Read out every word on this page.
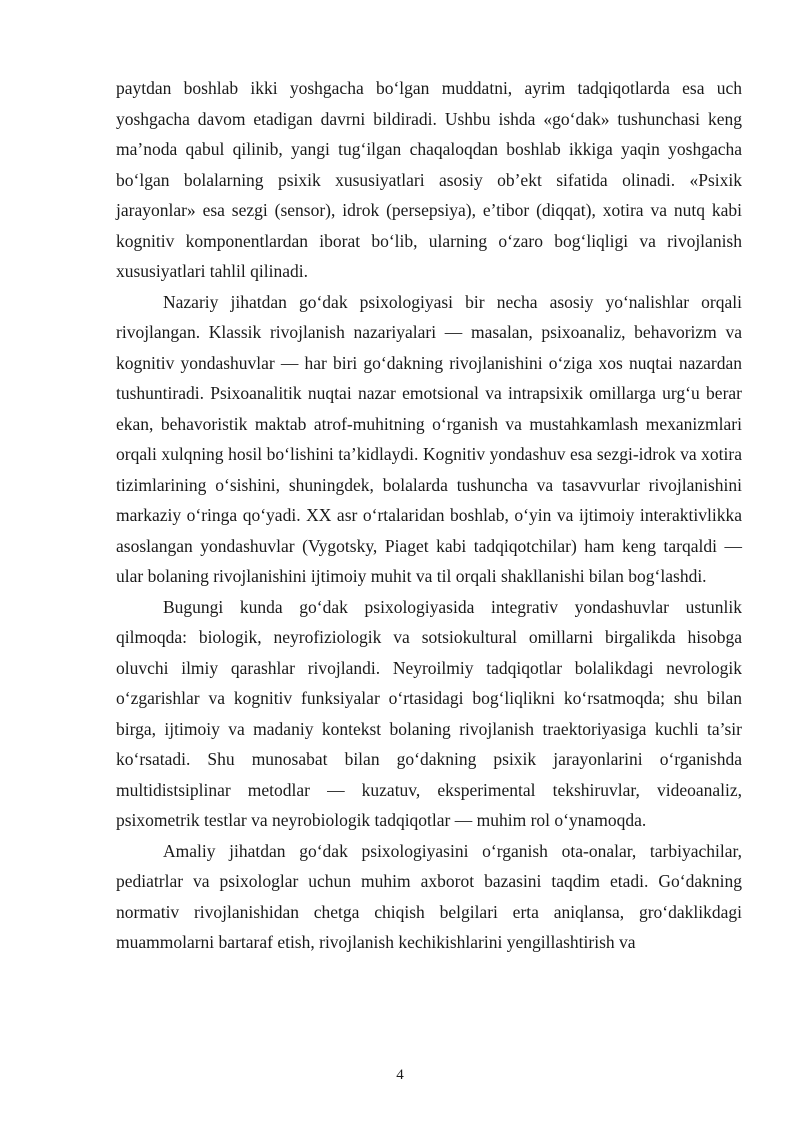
paytdan boshlab ikki yoshgacha bo‘lgan muddatni, ayrim tadqiqotlarda esa uch yoshgacha davom etadigan davrni bildiradi. Ushbu ishda «go‘dak» tushunchasi keng ma’noda qabul qilinib, yangi tug‘ilgan chaqaloqdan boshlab ikkiga yaqin yoshgacha bo‘lgan bolalarning psixik xususiyatlari asosiy ob’ekt sifatida olinadi. «Psixik jarayonlar» esa sezgi (sensor), idrok (persepsiya), e’tibor (diqqat), xotira va nutq kabi kognitiv komponentlardan iborat bo‘lib, ularning o‘zaro bog‘liqligi va rivojlanish xususiyatlari tahlil qilinadi.

Nazariy jihatdan go‘dak psixologiyasi bir necha asosiy yo‘nalishlar orqali rivojlangan. Klassik rivojlanish nazariyalari — masalan, psixoanaliz, behavorizm va kognitiv yondashuvlar — har biri go‘dakning rivojlanishini o‘ziga xos nuqtai nazardan tushuntiradi. Psixoanalitik nuqtai nazar emotsional va intrapsixik omillarga urg‘u berar ekan, behavoristik maktab atrof-muhitning o‘rganish va mustahkamlash mexanizmlari orqali xulqning hosil bo‘lishini ta’kidlaydi. Kognitiv yondashuv esa sezgi-idrok va xotira tizimlarining o‘sishini, shuningdek, bolalarda tushuncha va tasavvurlar rivojlanishini markaziy o‘ringa qo‘yadi. XX asr o‘rtalaridan boshlab, o‘yin va ijtimoiy interaktivlikka asoslangan yondashuvlar (Vygotsky, Piaget kabi tadqiqotchilar) ham keng tarqaldi — ular bolaning rivojlanishini ijtimoiy muhit va til orqali shakllanishi bilan bog‘lashdi.

Bugungi kunda go‘dak psixologiyasida integrativ yondashuvlar ustunlik qilmoqda: biologik, neyrofiziologik va sotsiokultural omillarni birgalikda hisobga oluvchi ilmiy qarashlar rivojlandi. Neyroilmiy tadqiqotlar bolalikdagi nevrologik o‘zgarishlar va kognitiv funksiyalar o‘rtasidagi bog‘liqlikni ko‘rsatmoqda; shu bilan birga, ijtimoiy va madaniy kontekst bolaning rivojlanish traektoriyasiga kuchli ta’sir ko‘rsatadi. Shu munosabat bilan go‘dakning psixik jarayonlarini o‘rganishda multidistsiplinar metodlar — kuzatuv, eksperimental tekshiruvlar, videoanaliz, psixometrik testlar va neyrobiologik tadqiqotlar — muhim rol o‘ynamoqda.

Amaliy jihatdan go‘dak psixologiyasini o‘rganish ota-onalar, tarbiyachilar, pediatrlar va psixologlar uchun muhim axborot bazasini taqdim etadi. Go‘dakning normativ rivojlanishidan chetga chiqish belgilari erta aniqlansa, gro‘daklikdagi muammolarni bartaraf etish, rivojlanish kechikishlarini yengillashtirish va

4
